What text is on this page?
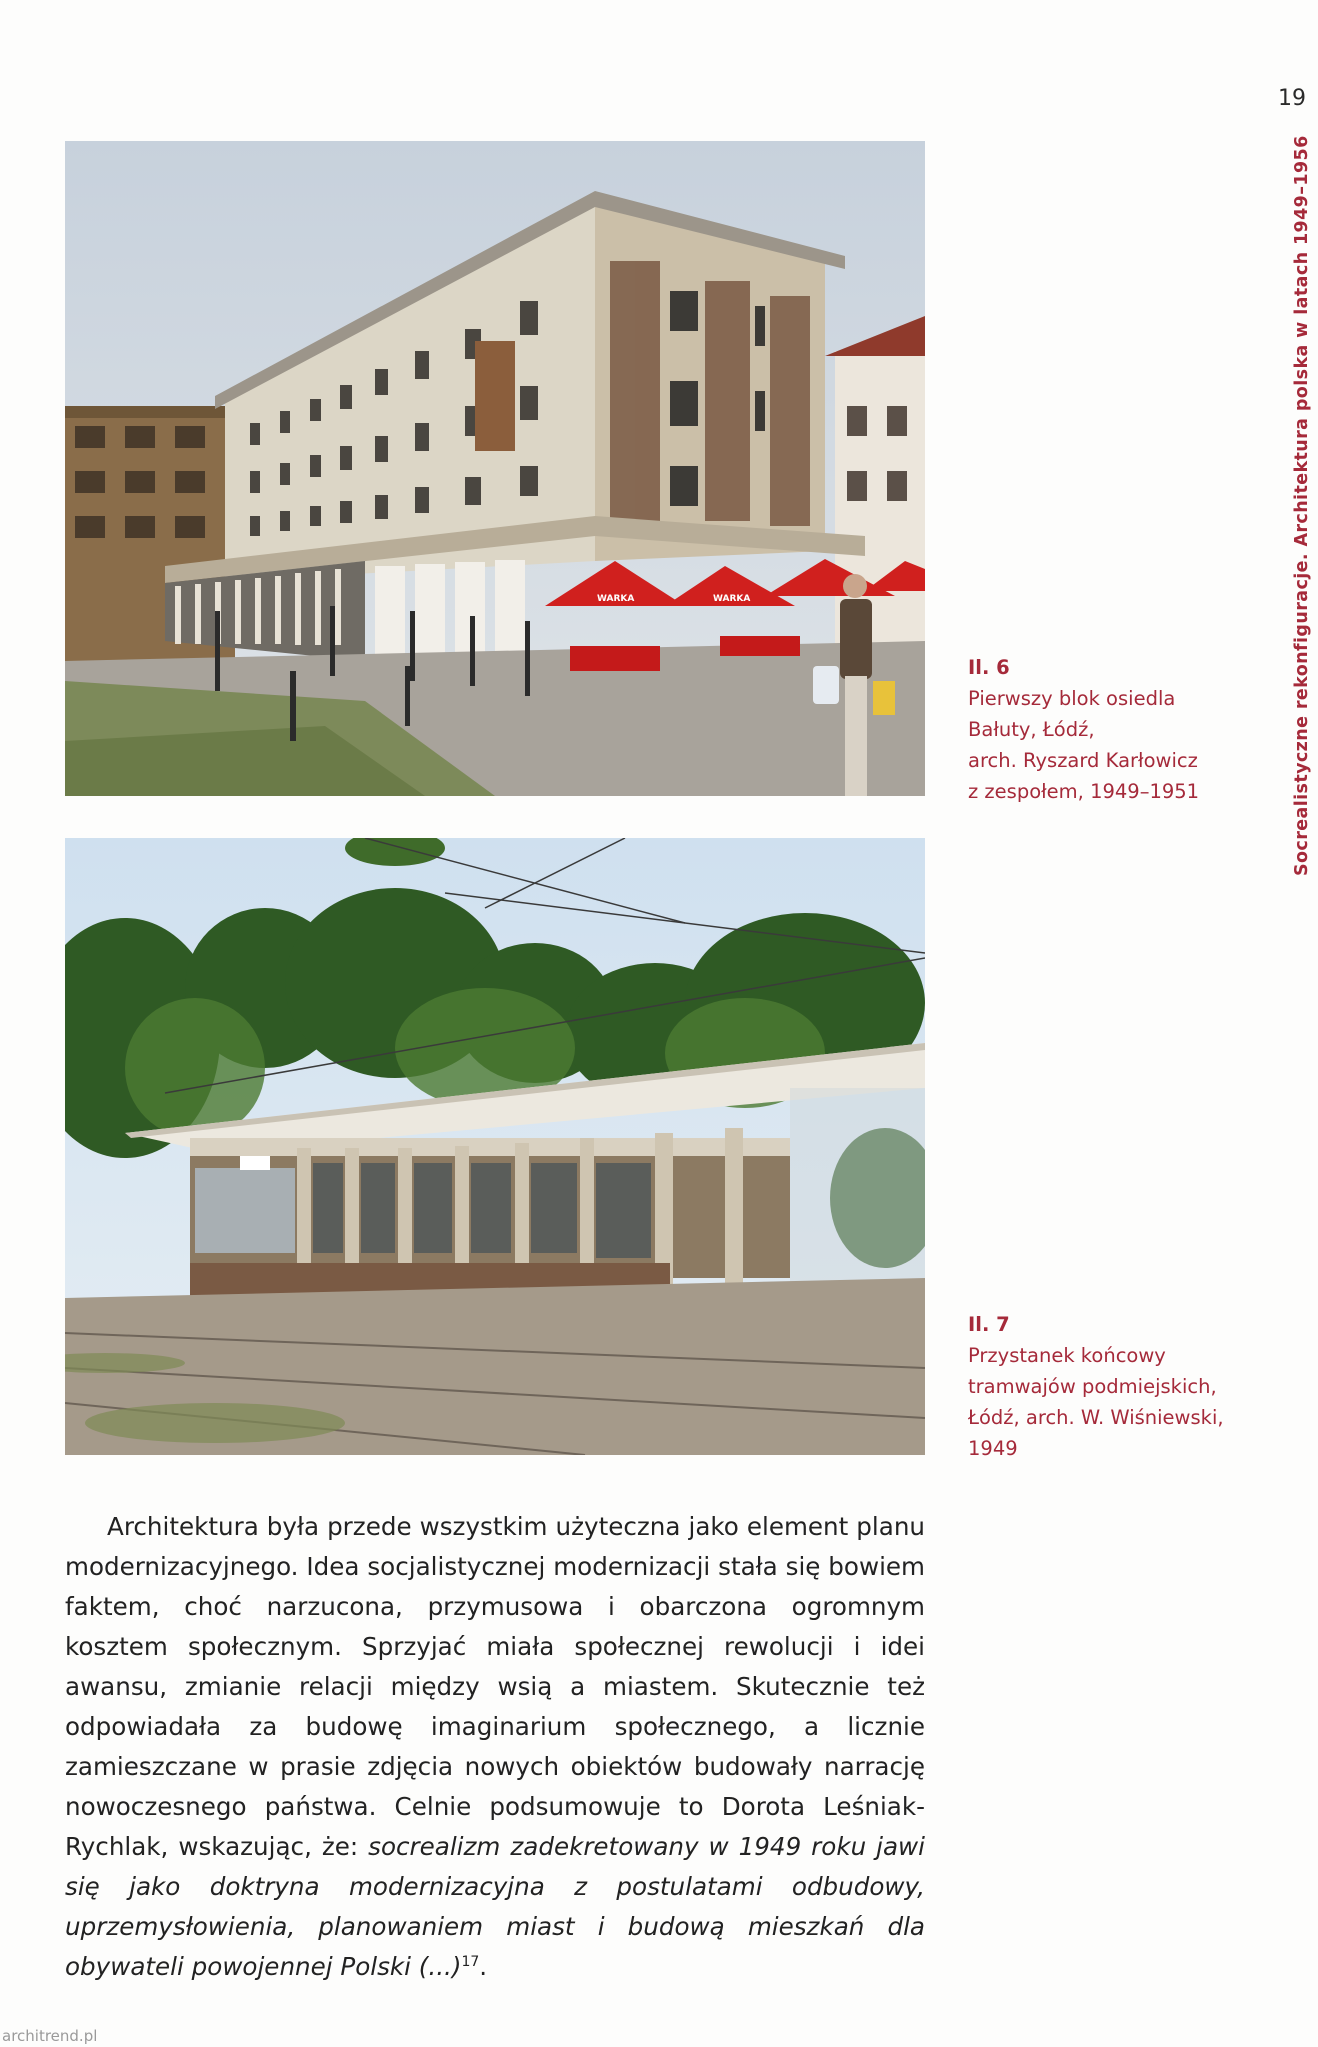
19
Socrealistyczne rekonfiguracje. Architektura polska w latach 1949–1956
WARKA	WARKA
Il. 6
Pierwszy blok osiedla
Bałuty, Łódź,
arch. Ryszard Karłowicz
z zespołem, 1949–1951
Il. 7
Przystanek końcowy
tramwajów podmiejskich,
Łódź, arch. W. Wiśniewski,
1949

Architektura była przede wszystkim użyteczna jako element planu modernizacyjnego. Idea socjalistycznej modernizacji stała się bowiem faktem, choć narzucona, przymusowa i obarczona ogromnym kosztem społecznym. Sprzyjać miała społecznej rewolucji i idei awansu, zmianie relacji między wsią a miastem. Skutecznie też odpowiadała za budowę imaginarium społecznego, a licznie zamieszczane w prasie zdjęcia nowych obiektów budowały narrację nowoczesnego państwa. Celnie podsumowuje to Dorota Leśniak-Rychlak, wskazując, że: socrealizm zadekretowany w 1949 roku jawi się jako doktryna modernizacyjna z postulatami odbudowy, uprzemysłowienia, planowaniem miast i budową mieszkań dla obywateli powojennej Polski (...)$^{17}$.

architrend.pl
